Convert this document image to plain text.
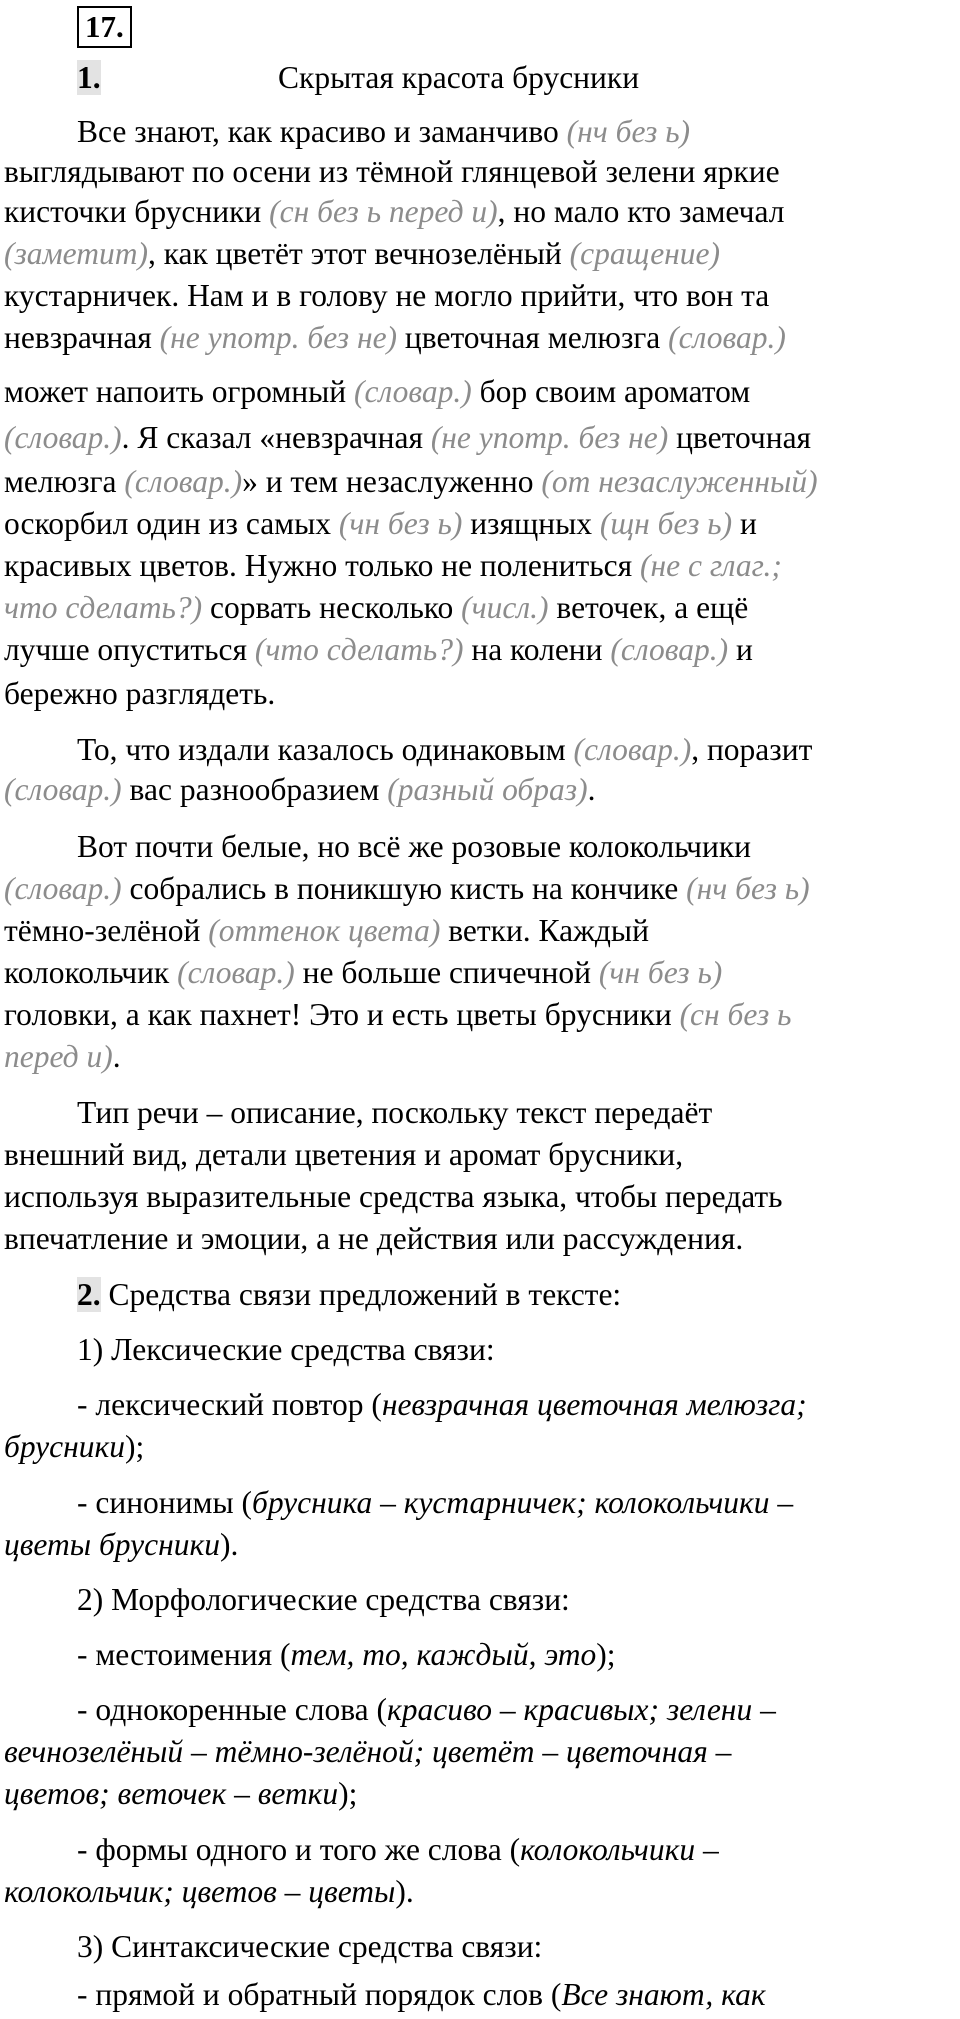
17.
1.	Скрытая красота брусники
Все знают, как красиво и заманчиво (нч без ь)
выглядывают по осени из тёмной глянцевой зелени яркие
кисточки брусники (сн без ь перед и), но мало кто замечал
(заметит), как цветёт этот вечнозелёный (сращение)
кустарничек. Нам и в голову не могло прийти, что вон та
невзрачная (не употр. без не) цветочная мелюзга (словар.)
может напоить огромный (словар.) бор своим ароматом
(словар.). Я сказал «невзрачная (не употр. без не) цветочная
мелюзга (словар.)» и тем незаслуженно (от незаслуженный)
оскорбил один из самых (чн без ь) изящных (щн без ь) и
красивых цветов. Нужно только не полениться (не с глаг.;
что сделать?) сорвать несколько (числ.) веточек, а ещё
лучше опуститься (что сделать?) на колени (словар.) и
бережно разглядеть.
То, что издали казалось одинаковым (словар.), поразит
(словар.) вас разнообразием (разный образ).
Вот почти белые, но всё же розовые колокольчики
(словар.) собрались в поникшую кисть на кончике (нч без ь)
тёмно-зелёной (оттенок цвета) ветки. Каждый
колокольчик (словар.) не больше спичечной (чн без ь)
головки, а как пахнет! Это и есть цветы брусники (сн без ь
перед и).
Тип речи – описание, поскольку текст передаёт
внешний вид, детали цветения и аромат брусники,
используя выразительные средства языка, чтобы передать
впечатление и эмоции, а не действия или рассуждения.
2. Средства связи предложений в тексте:
1) Лексические средства связи:
- лексический повтор (невзрачная цветочная мелюзга;
брусники);
- синонимы (брусника – кустарничек; колокольчики –
цветы брусники).
2) Морфологические средства связи:
- местоимения (тем, то, каждый, это);
- однокоренные слова (красиво – красивых; зелени –
вечнозелёный – тёмно-зелёной; цветёт – цветочная –
цветов; веточек – ветки);
- формы одного и того же слова (колокольчики –
колокольчик; цветов – цветы).
3) Синтаксические средства связи:
- прямой и обратный порядок слов (Все знают, как
